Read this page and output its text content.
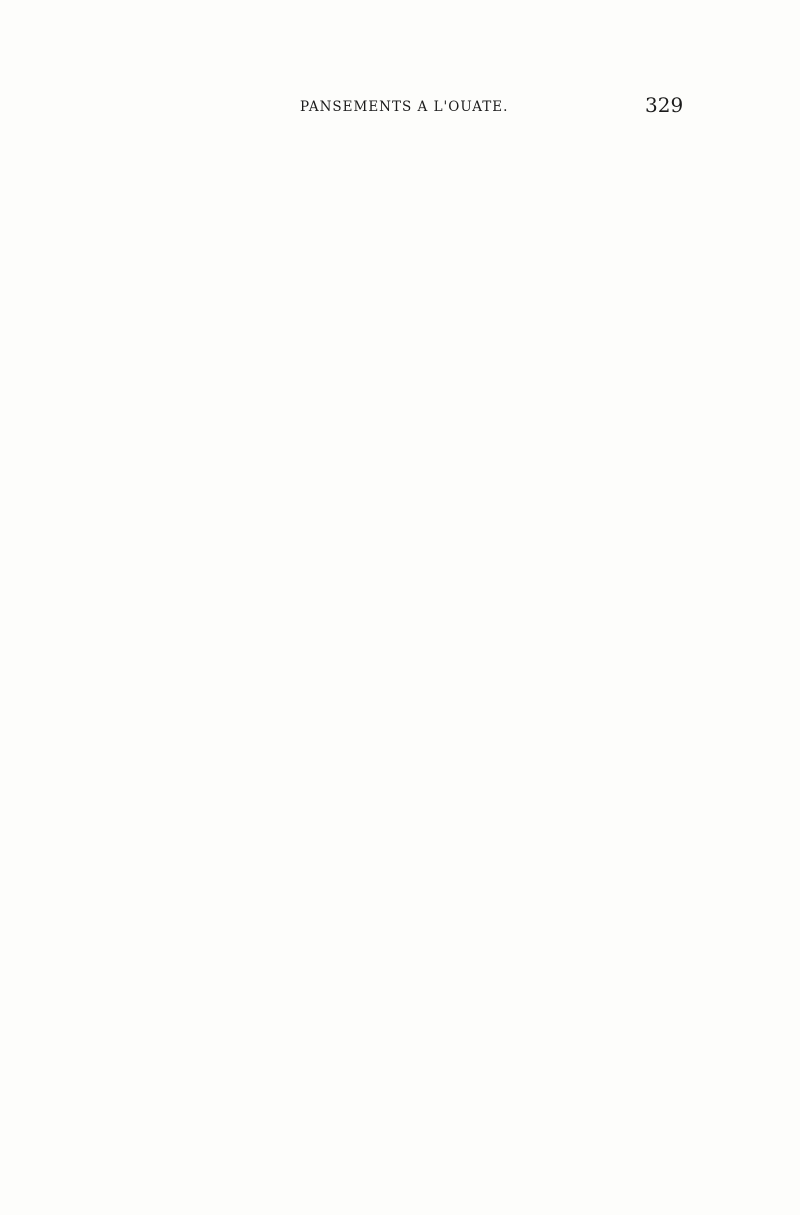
PANSEMENTS A L'OUATE.	329
